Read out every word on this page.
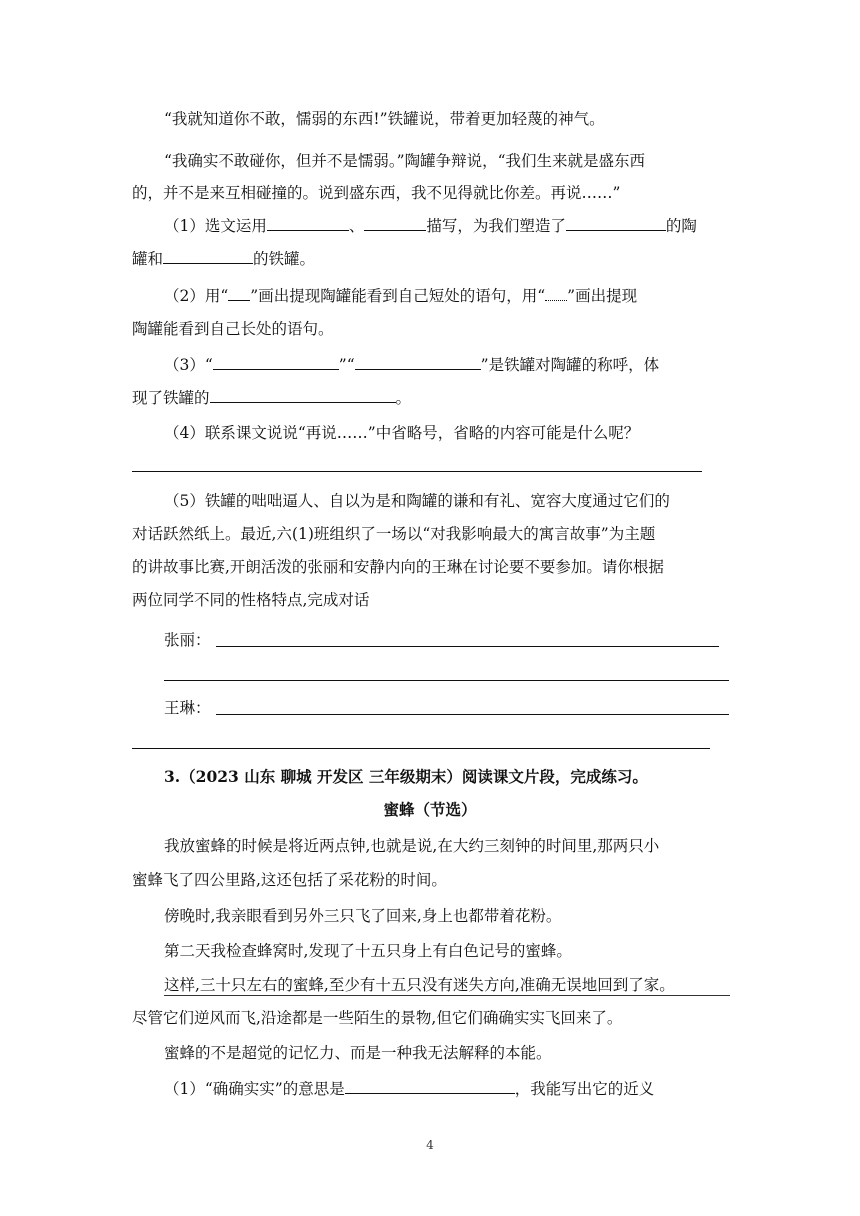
“我就知道你不敢，懦弱的东西!”铁罐说，带着更加轻蔑的神气。
“我确实不敢碰你，但并不是懦弱。”陶罐争辩说，“我们生来就是盛东西
的，并不是来互相碰撞的。说到盛东西，我不见得就比你差。再说……”
（1）选文运用	、	描写，为我们塑造了	的陶
罐和	的铁罐。
（2）用“ ”画出提现陶罐能看到自己短处的语句，用“ ”画出提现
陶罐能看到自己长处的语句。
（3）“	”“	”是铁罐对陶罐的称呼，体
现了铁罐的	。
（4）联系课文说说“再说……”中省略号，省略的内容可能是什么呢？
（5）铁罐的咄咄逼人、自以为是和陶罐的谦和有礼、宽容大度通过它们的
对话跃然纸上。最近,六(1)班组织了一场以“对我影响最大的寓言故事”为主题
的讲故事比赛,开朗活泼的张丽和安静内向的王琳在讨论要不要参加。请你根据
两位同学不同的性格特点,完成对话
张丽：
王琳：
3.（2023 山东 聊城 开发区 三年级期末）阅读课文片段，完成练习。
蜜蜂（节选）
我放蜜蜂的时候是将近两点钟,也就是说,在大约三刻钟的时间里,那两只小
蜜蜂飞了四公里路,这还包括了采花粉的时间。
傍晚时,我亲眼看到另外三只飞了回来,身上也都带着花粉。
第二天我检查蜂窝时,发现了十五只身上有白色记号的蜜蜂。
这样,三十只左右的蜜蜂,至少有十五只没有迷失方向,准确无误地回到了家。
尽管它们逆风而飞,沿途都是一些陌生的景物,但它们确确实实飞回来了。
蜜蜂的不是超觉的记忆力、而是一种我无法解释的本能。
（1）“确确实实”的意思是	，我能写出它的近义
4
